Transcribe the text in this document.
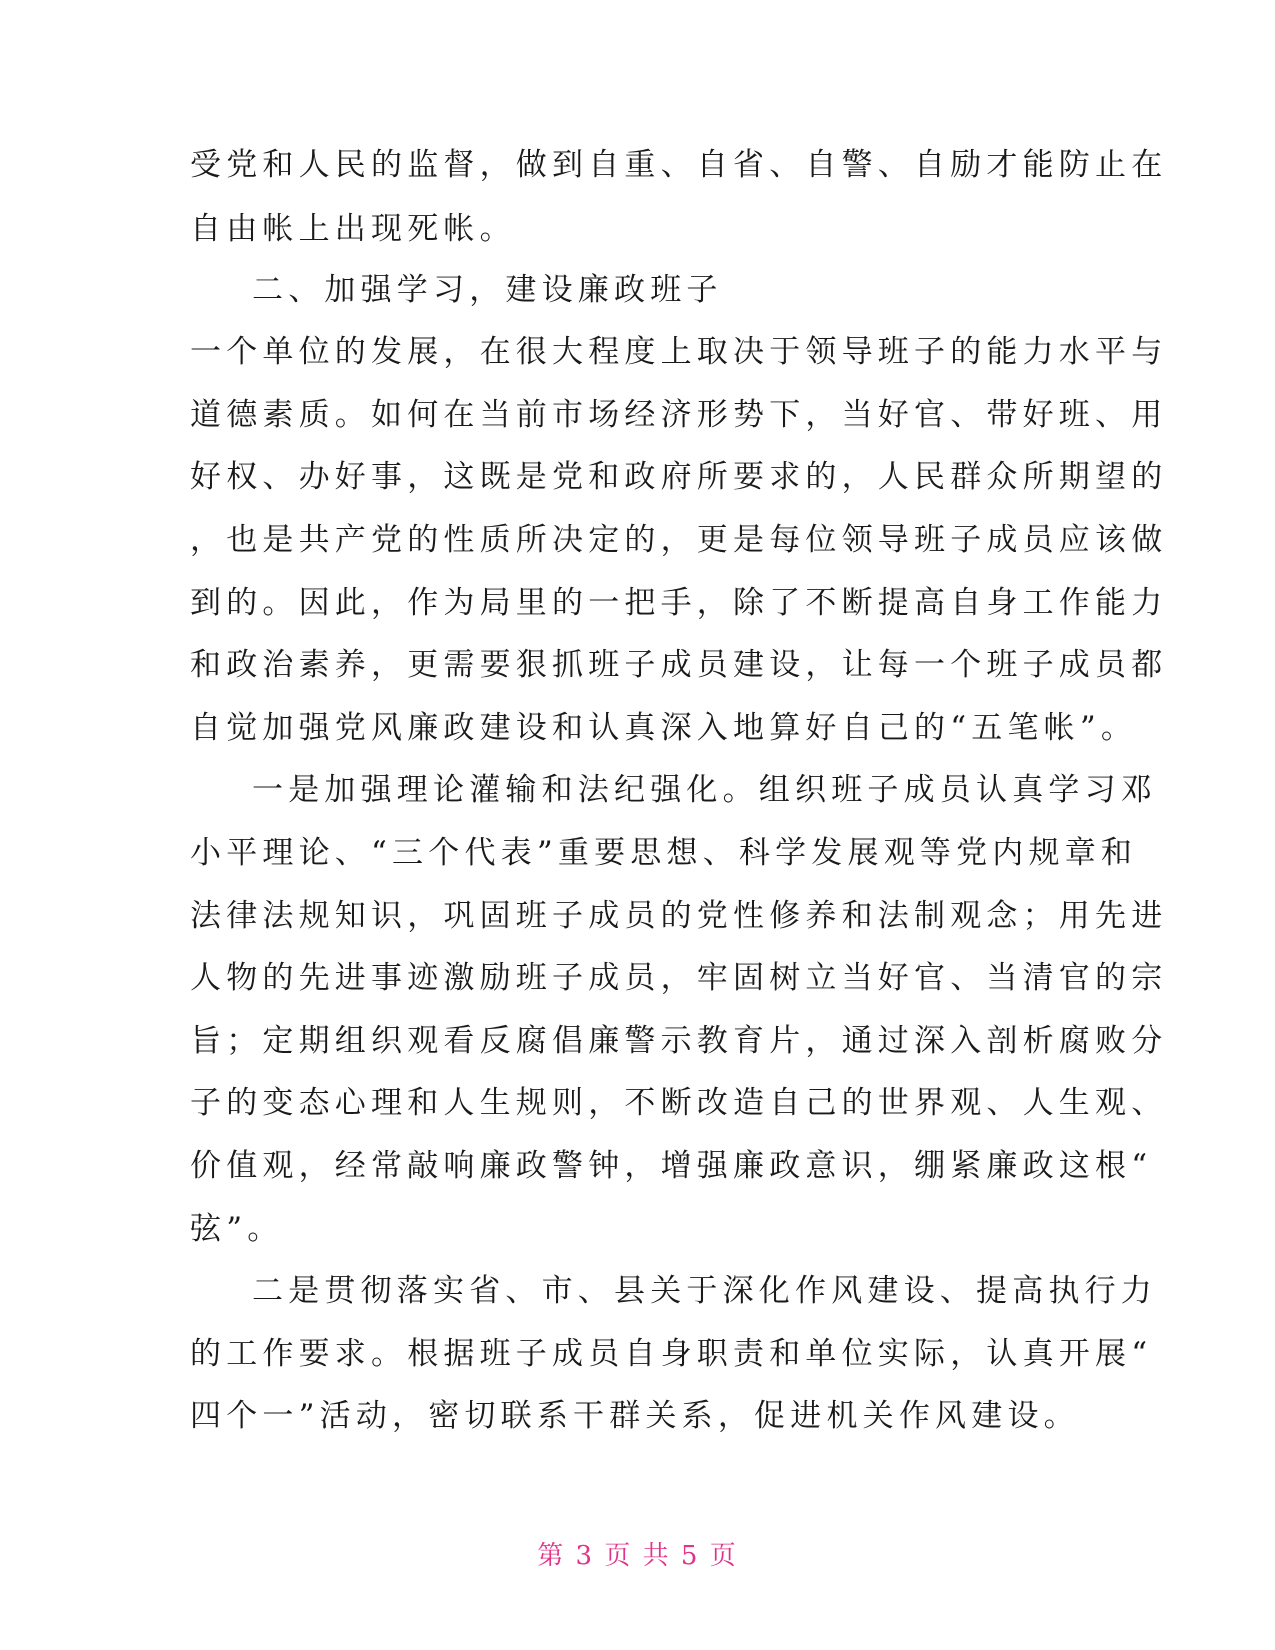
受党和人民的监督，做到自重、自省、自警、自励才能防止在

自由帐上出现死帐。

二、加强学习，建设廉政班子

一个单位的发展，在很大程度上取决于领导班子的能力水平与

道德素质。如何在当前市场经济形势下，当好官、带好班、用

好权、办好事，这既是党和政府所要求的，人民群众所期望的

，也是共产党的性质所决定的，更是每位领导班子成员应该做

到的。因此，作为局里的一把手，除了不断提高自身工作能力

和政治素养，更需要狠抓班子成员建设，让每一个班子成员都

自觉加强党风廉政建设和认真深入地算好自己的“五笔帐”。

一是加强理论灌输和法纪强化。组织班子成员认真学习邓

小平理论、“三个代表”重要思想、科学发展观等党内规章和

法律法规知识，巩固班子成员的党性修养和法制观念；用先进

人物的先进事迹激励班子成员，牢固树立当好官、当清官的宗

旨；定期组织观看反腐倡廉警示教育片，通过深入剖析腐败分

子的变态心理和人生规则，不断改造自己的世界观、人生观、

价值观，经常敲响廉政警钟，增强廉政意识，绷紧廉政这根“

弦”。

二是贯彻落实省、市、县关于深化作风建设、提高执行力

的工作要求。根据班子成员自身职责和单位实际，认真开展“

四个一”活动，密切联系干群关系，促进机关作风建设。

第 3 页 共 5 页
